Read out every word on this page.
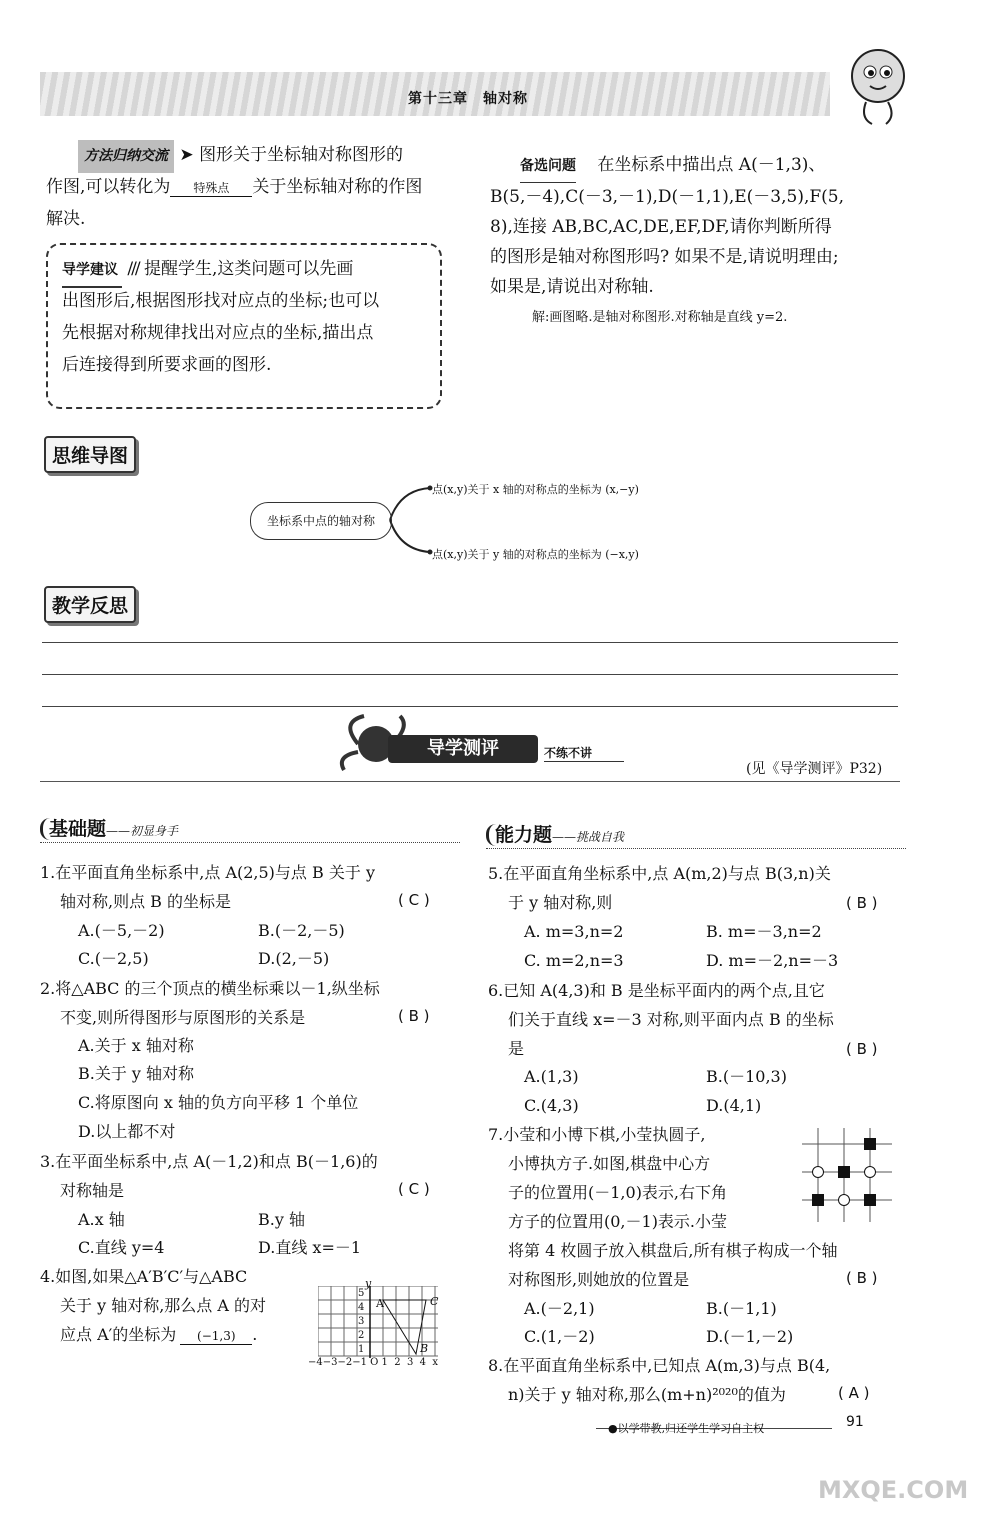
第十三章　轴对称
方法归纳交流 ➤ 图形关于坐标轴对称图形的
作图,可以转化为 特殊点 关于坐标轴对称的作图
解决.
导学建议 /// 提醒学生,这类问题可以先画
出图形后,根据图形找对应点的坐标;也可以
先根据对称规律找出对应点的坐标,描出点
后连接得到所要求画的图形.
备选问题 在坐标系中描出点 A(－1,3)、
B(5,－4),C(－3,－1),D(－1,1),E(－3,5),F(5,
8),连接 AB,BC,AC,DE,EF,DF,请你判断所得
的图形是轴对称图形吗? 如果不是,请说明理由;
如果是,请说出对称轴.
解:画图略.是轴对称图形.对称轴是直线 y=2.
思维导图
坐标系中点的轴对称
点(x,y)关于 x 轴的对称点的坐标为 (x,−y)
点(x,y)关于 y 轴的对称点的坐标为 (−x,y)
教学反思
导学测评	不练不讲
(见《导学测评》P32)
基础题——初显身手
1.在平面直角坐标系中,点 A(2,5)与点 B 关于 y
轴对称,则点 B 的坐标是	( C )
A.(－5,－2)	B.(－2,－5)
C.(－2,5)	D.(2,－5)
2.将△ABC 的三个顶点的横坐标乘以－1,纵坐标
不变,则所得图形与原图形的关系是	( B )
A.关于 x 轴对称
B.关于 y 轴对称
C.将原图向 x 轴的负方向平移 1 个单位
D.以上都不对
3.在平面坐标系中,点 A(－1,2)和点 B(－1,6)的
对称轴是	( C )
A.x 轴	B.y 轴
C.直线 y=4	D.直线 x=－1
4.如图,如果△A′B′C′与△ABC
关于 y 轴对称,那么点 A 的对
应点 A′的坐标为 (−1,3) .
y
5
4
3
2
1
A	C
B
−4−3−2−1 O 1  2  3  4  x
能力题——挑战自我
5.在平面直角坐标系中,点 A(m,2)与点 B(3,n)关
于 y 轴对称,则	( B )
A. m=3,n=2	B. m=－3,n=2
C. m=2,n=3	D. m=－2,n=－3
6.已知 A(4,3)和 B 是坐标平面内的两个点,且它
们关于直线 x=－3 对称,则平面内点 B 的坐标
是	( B )
A.(1,3)	B.(－10,3)
C.(4,3)	D.(4,1)
7.小莹和小博下棋,小莹执圆子,
小博执方子.如图,棋盘中心方
子的位置用(－1,0)表示,右下角
方子的位置用(0,－1)表示.小莹
将第 4 枚圆子放入棋盘后,所有棋子构成一个轴
对称图形,则她放的位置是	( B )
A.(－2,1)	B.(－1,1)
C.(1,－2)	D.(－1,－2)
8.在平面直角坐标系中,已知点 A(m,3)与点 B(4,
n)关于 y 轴对称,那么(m+n)²⁰²⁰的值为	( A )
●以学带教,归还学生学习自主权	91
MXQE.COM
